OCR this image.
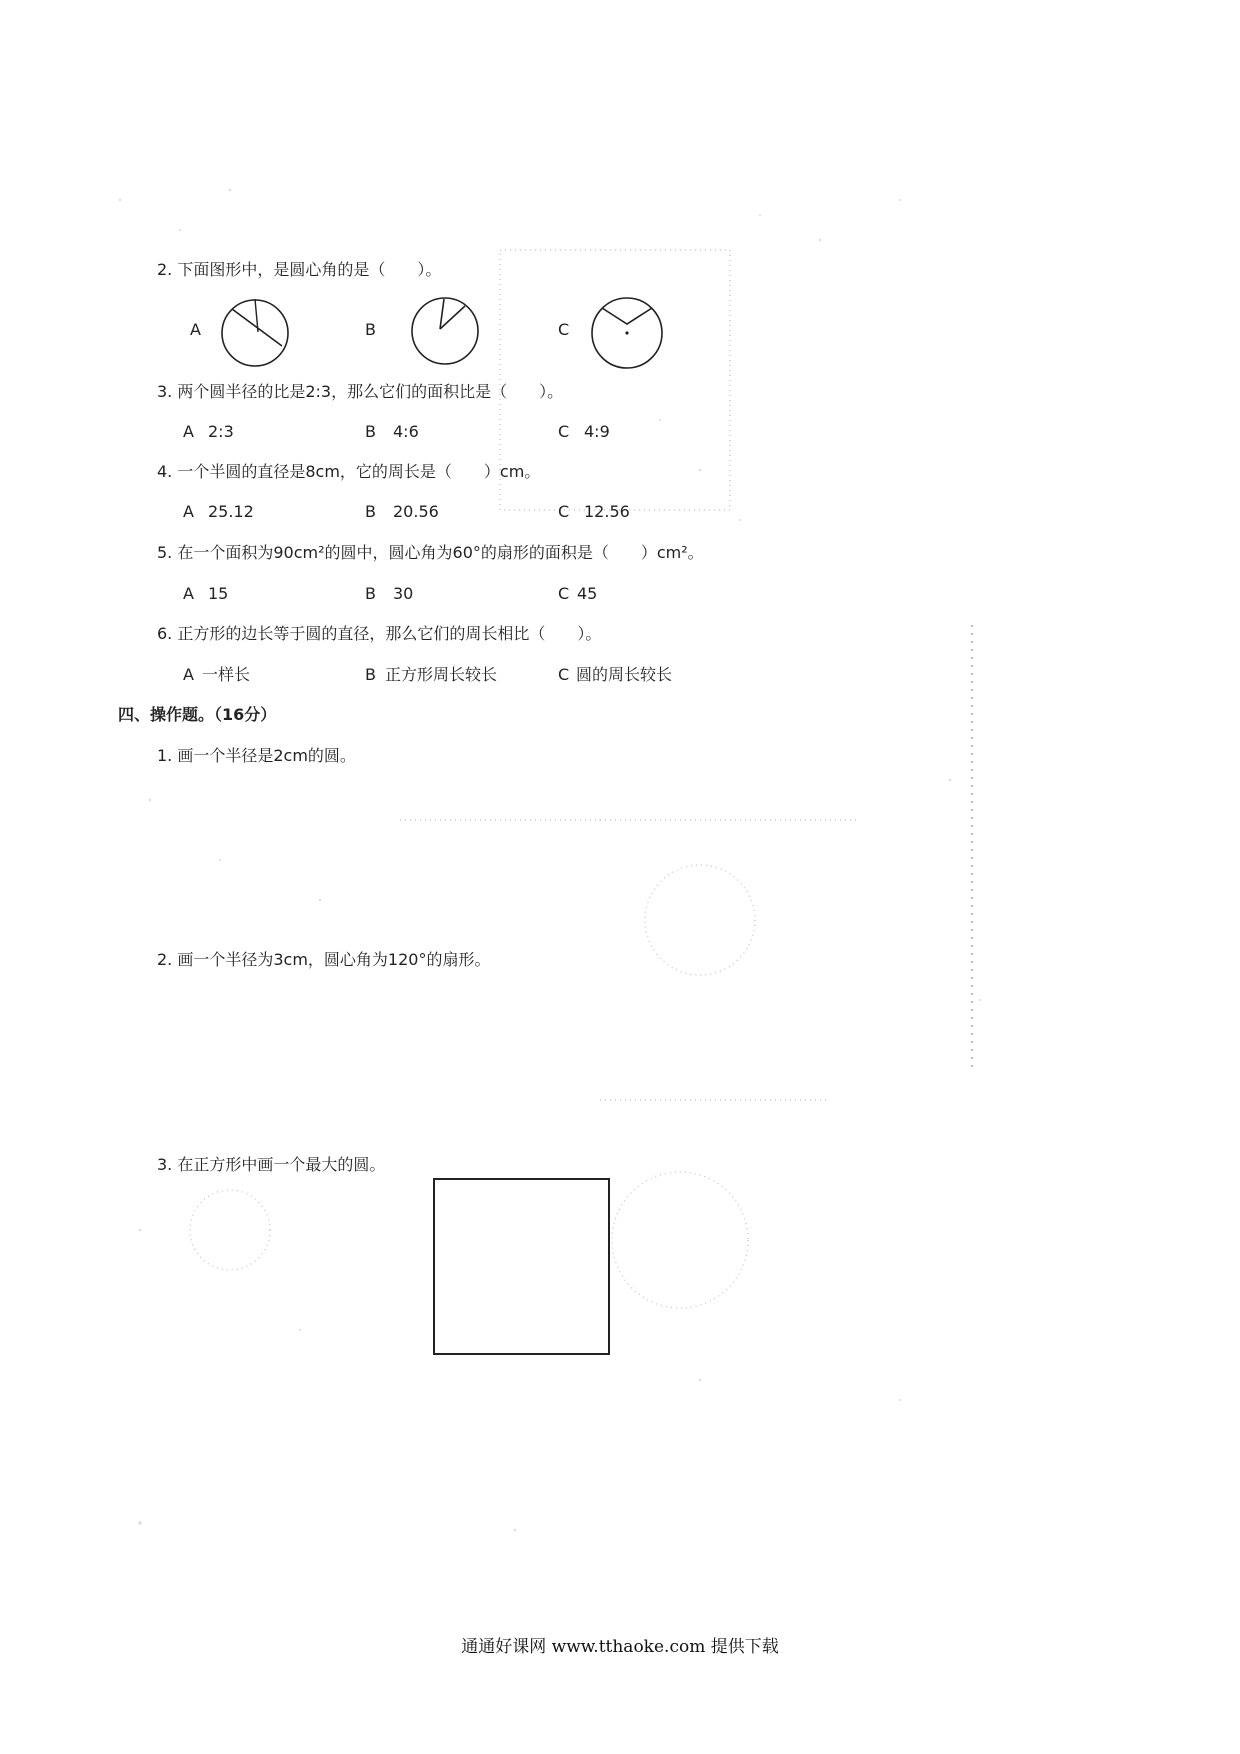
2. 下面图形中，是圆心角的是（　　）。
A	B	C
3. 两个圆半径的比是2:3，那么它们的面积比是（　　）。
A 2:3	B 4:6	C 4:9
4. 一个半圆的直径是8cm，它的周长是（　　）cm。
A 25.12	B 20.56	C 12.56
5. 在一个面积为90cm²的圆中，圆心角为60°的扇形的面积是（　　）cm²。
A 15	B 30	C 45
6. 正方形的边长等于圆的直径，那么它们的周长相比（　　）。
A 一样长	B 正方形周长较长	C 圆的周长较长
四、操作题。（16分）
1. 画一个半径是2cm的圆。
2. 画一个半径为3cm，圆心角为120°的扇形。
3. 在正方形中画一个最大的圆。
通通好课网 www.tthaoke.com 提供下载
